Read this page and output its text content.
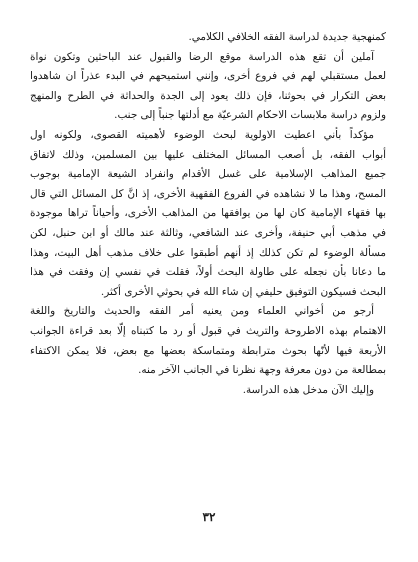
كمنهجية جديدة لدراسة الفقه الخلافي الكلامي.
آملين أن تقع هذه الدراسة موقع الرضا والقبول عند الباحثين وتكون نواة
لعمل مستقبلي لهم في فروع أخرى، وإنني استميحهم في البدء عذراً ان شاهدوا
بعض التكرار في بحوثنا، فإن ذلك يعود إلى الجدة والحداثة في الطرح والمنهج
ولزوم دراسة ملابسات الاحكام الشرعيّة مع أدلتها جنباً إلى جنب.
مؤكداً بأني اعطيت الاولوية لبحث الوضوء لأهميته القصوى، ولكونه اول
أبواب الفقه، بل أصعب المسائل المختلف عليها بين المسلمين، وذلك لاتفاق
جميع المذاهب الإسلامية على غسل الأقدام وانفراد الشيعة الإمامية بوجوب
المسح، وهذا ما لا نشاهده في الفروع الفقهية الأخرى، إذ انَّ كل المسائل التي قال
بها فقهاء الإمامية كان لها من يوافقها من المذاهب الأخرى، وأحياناً تراها موجودة
في مذهب أبي حنيفة، وأخرى عند الشافعي، وثالثة عند مالك أو ابن حنبل، لكن
مسألة الوضوء لم تكن كذلك إذ أنهم أطبقوا على خلاف مذهب أهل البيت، وهذا
ما دعانا بأن نجعله على طاولة البحث أولاً، فقلت في نفسي إن وفقت في هذا
البحث فسيكون التوفيق حليفي إن شاء الله في بحوثي الأخرى أكثر.
أرجو من أخواني العلماء ومن يعنيه أمر الفقه والحديث والتاريخ واللغة
الاهتمام بهذه الاطروحة والتريث في قبول أو رد ما كتبناه إلّا بعد قراءة الجوانب
الأربعة فيها لأنّها بحوث مترابطة ومتماسكة بعضها مع بعض، فلا يمكن الاكتفاء
بمطالعة من دون معرفة وجهة نظرنا في الجانب الآخر منه.
وإليك الآن مدخل هذه الدراسة.
٣٢
